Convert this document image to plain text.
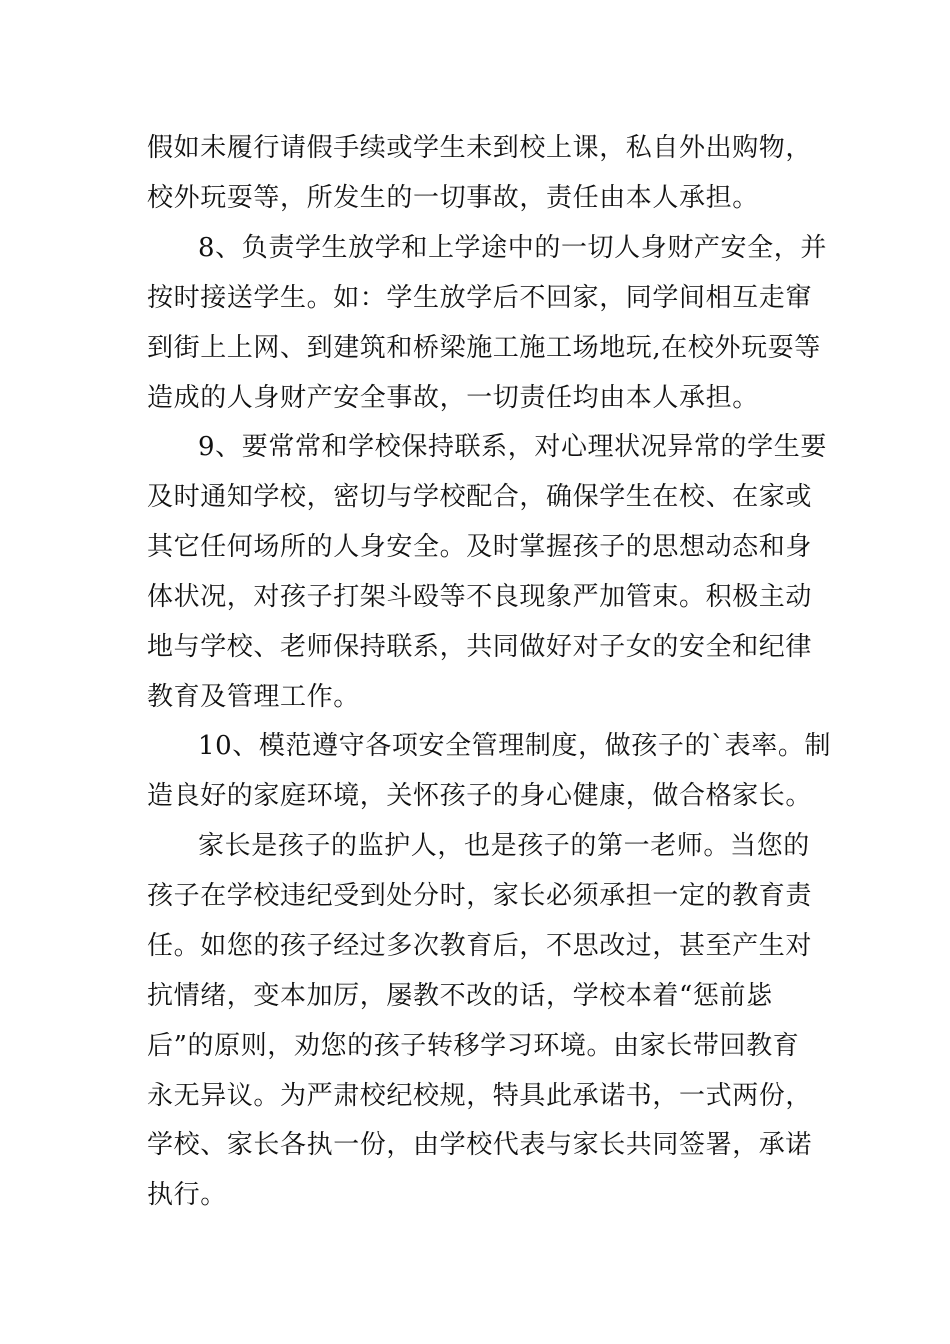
假如未履行请假手续或学生未到校上课，私自外出购物，
校外玩耍等，所发生的一切事故，责任由本人承担。
8、负责学生放学和上学途中的一切人身财产安全，并
按时接送学生。如：学生放学后不回家，同学间相互走窜
到街上上网、到建筑和桥梁施工施工场地玩,在校外玩耍等
造成的人身财产安全事故，一切责任均由本人承担。
9、要常常和学校保持联系，对心理状况异常的学生要
及时通知学校，密切与学校配合，确保学生在校、在家或
其它任何场所的人身安全。及时掌握孩子的思想动态和身
体状况，对孩子打架斗殴等不良现象严加管束。积极主动
地与学校、老师保持联系，共同做好对子女的安全和纪律
教育及管理工作。
10、模范遵守各项安全管理制度，做孩子的`表率。制
造良好的家庭环境，关怀孩子的身心健康，做合格家长。
家长是孩子的监护人，也是孩子的第一老师。当您的
孩子在学校违纪受到处分时，家长必须承担一定的教育责
任。如您的孩子经过多次教育后，不思改过，甚至产生对
抗情绪，变本加厉，屡教不改的话，学校本着“惩前毖
后”的原则，劝您的孩子转移学习环境。由家长带回教育
永无异议。为严肃校纪校规，特具此承诺书，一式两份，
学校、家长各执一份，由学校代表与家长共同签署，承诺
执行。
